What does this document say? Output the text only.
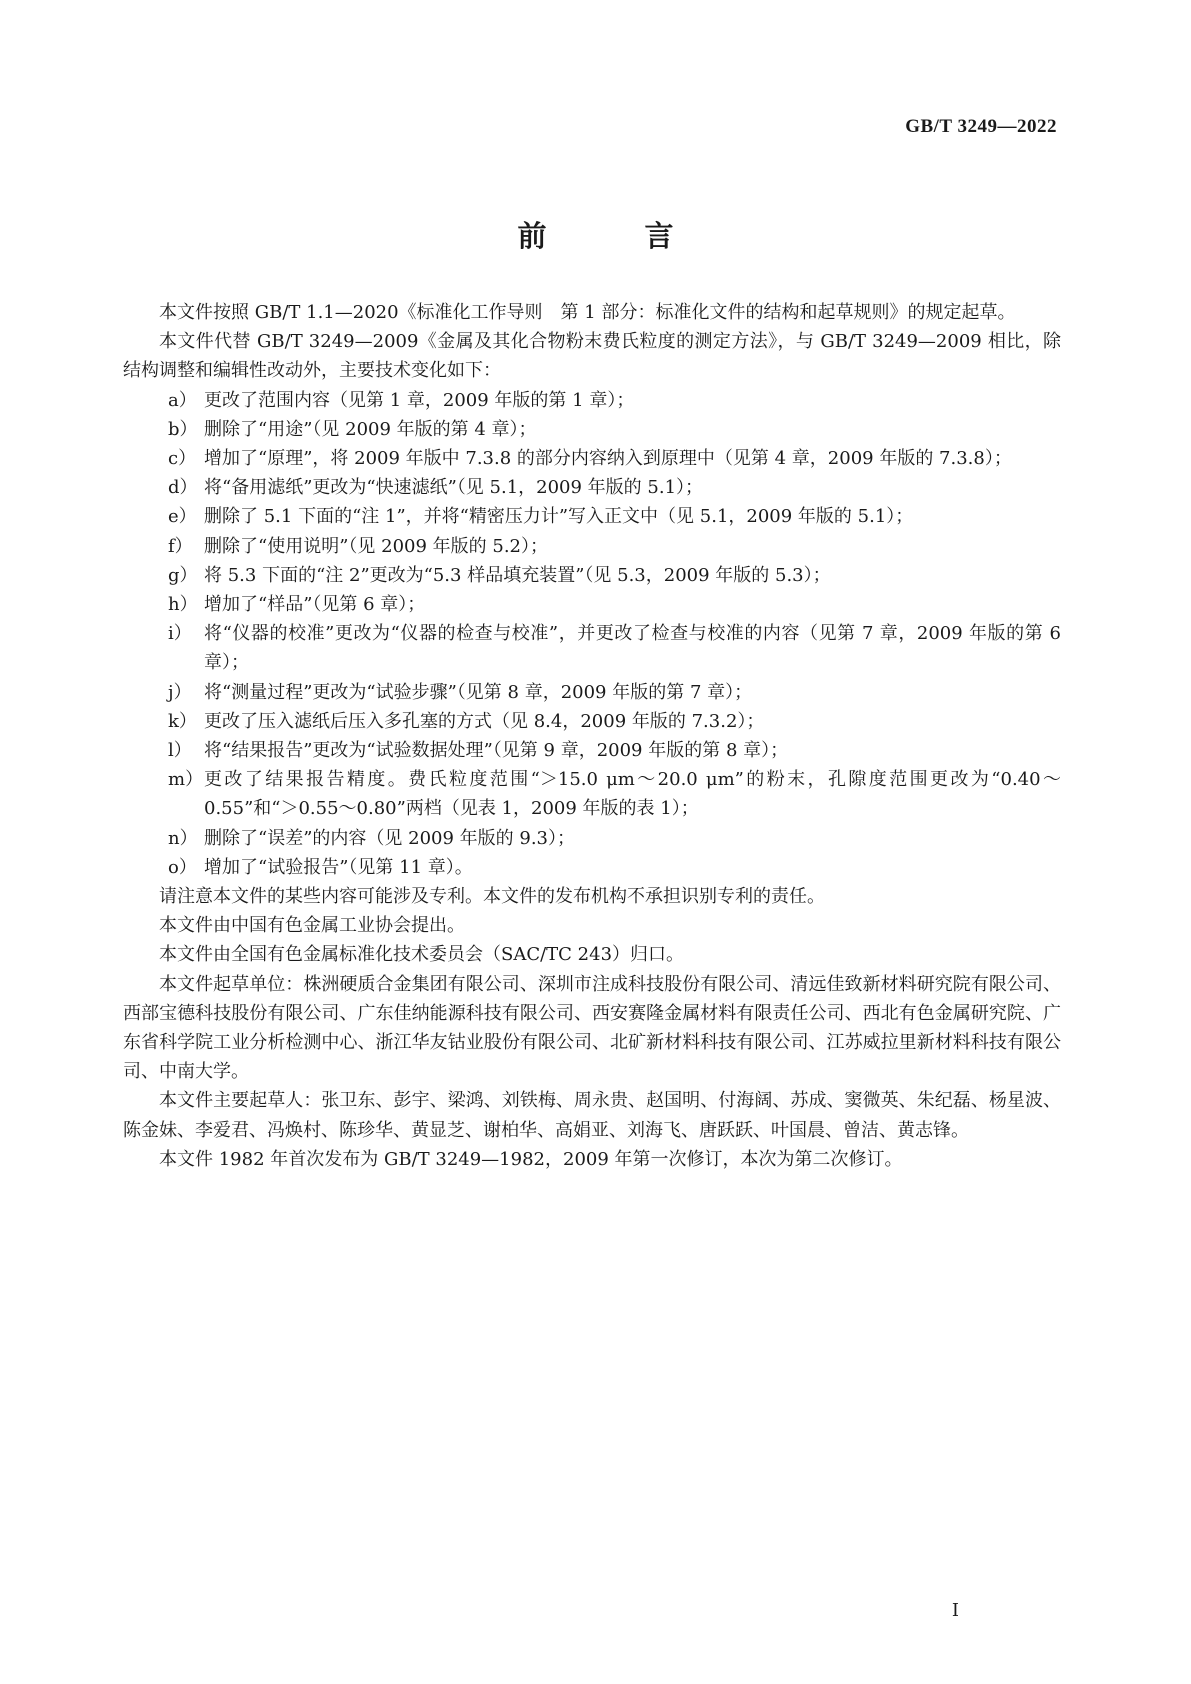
GB/T 3249—2022
前 言

本文件按照 GB/T 1.1—2020《标准化工作导则　第 1 部分：标准化文件的结构和起草规则》的规定起草。

本文件代替 GB/T 3249—2009《金属及其化合物粉末费氏粒度的测定方法》，与 GB/T 3249—2009 相比，除结构调整和编辑性改动外，主要技术变化如下：

a） 更改了范围内容（见第 1 章，2009 年版的第 1 章）；

b） 删除了“用途”（见 2009 年版的第 4 章）；

c） 增加了“原理”，将 2009 年版中 7.3.8 的部分内容纳入到原理中（见第 4 章，2009 年版的 7.3.8）；

d） 将“备用滤纸”更改为“快速滤纸”（见 5.1，2009 年版的 5.1）；

e） 删除了 5.1 下面的“注 1”，并将“精密压力计”写入正文中（见 5.1，2009 年版的 5.1）；

f） 删除了“使用说明”（见 2009 年版的 5.2）；

g） 将 5.3 下面的“注 2”更改为“5.3 样品填充装置”（见 5.3，2009 年版的 5.3）；

h） 增加了“样品”（见第 6 章）；

i） 将“仪器的校准”更改为“仪器的检查与校准”，并更改了检查与校准的内容（见第 7 章，2009 年版的第 6 章）；

j） 将“测量过程”更改为“试验步骤”（见第 8 章，2009 年版的第 7 章）；

k） 更改了压入滤纸后压入多孔塞的方式（见 8.4，2009 年版的 7.3.2）；

l） 将“结果报告”更改为“试验数据处理”（见第 9 章，2009 年版的第 8 章）；

m） 更改了结果报告精度。费氏粒度范围“＞15.0 μm～20.0 μm”的粉末，孔隙度范围更改为“0.40～0.55”和“＞0.55～0.80”两档（见表 1，2009 年版的表 1）；

n） 删除了“误差”的内容（见 2009 年版的 9.3）；

o） 增加了“试验报告”（见第 11 章）。

请注意本文件的某些内容可能涉及专利。本文件的发布机构不承担识别专利的责任。

本文件由中国有色金属工业协会提出。

本文件由全国有色金属标准化技术委员会（SAC/TC 243）归口。

本文件起草单位：株洲硬质合金集团有限公司、深圳市注成科技股份有限公司、清远佳致新材料研究院有限公司、西部宝德科技股份有限公司、广东佳纳能源科技有限公司、西安赛隆金属材料有限责任公司、西北有色金属研究院、广东省科学院工业分析检测中心、浙江华友钴业股份有限公司、北矿新材料科技有限公司、江苏威拉里新材料科技有限公司、中南大学。

本文件主要起草人：张卫东、彭宇、梁鸿、刘铁梅、周永贵、赵国明、付海阔、苏成、窦微英、朱纪磊、杨星波、陈金妹、李爱君、冯焕村、陈珍华、黄显芝、谢柏华、高娟亚、刘海飞、唐跃跃、叶国晨、曾洁、黄志锋。

本文件 1982 年首次发布为 GB/T 3249—1982，2009 年第一次修订，本次为第二次修订。

I
